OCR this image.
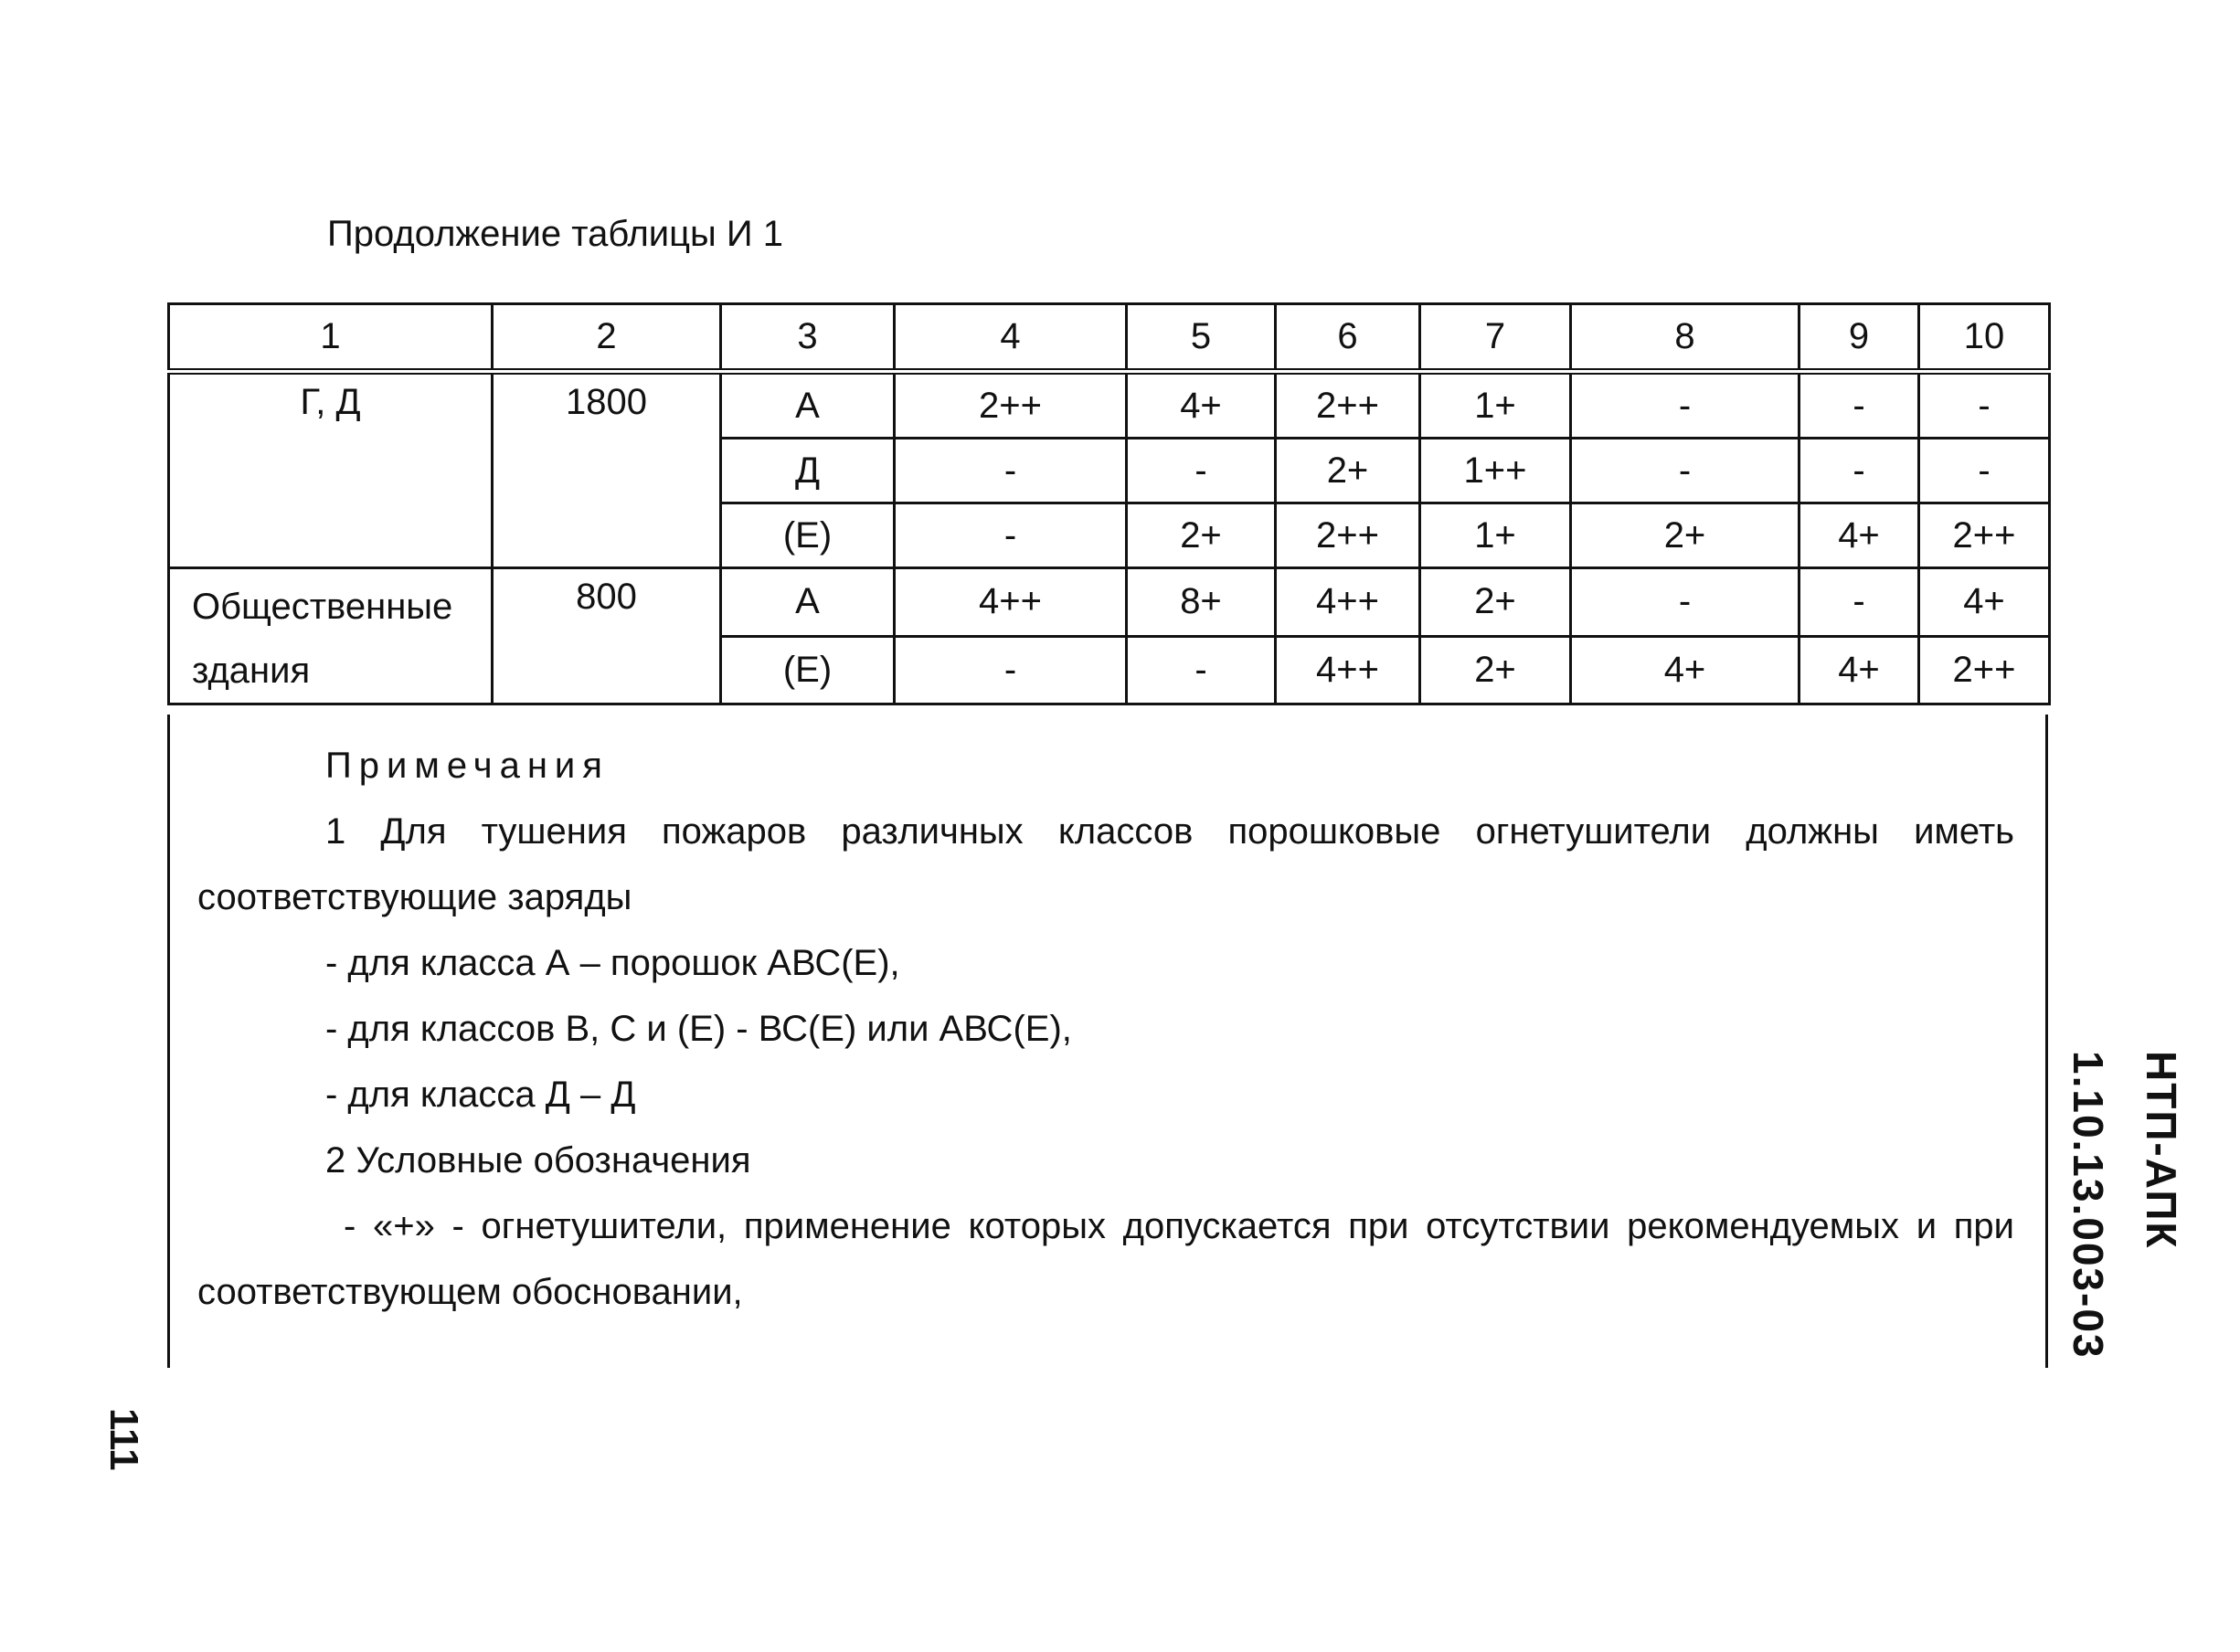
Продолжение таблицы И 1
1	2	3	4	5	6	7	8	9	10
Г, Д	1800	А	2++	4+	2++	1+	-	-	-
		Д	-	-	2+	1++	-	-	-
		(Е)	-	2+	2++	1+	2+	4+	2++
Общественные здания	800	А	4++	8+	4++	2+	-	-	4+
		(Е)	-	-	4++	2+	4+	4+	2++

Примечания

1 Для тушения пожаров различных классов порошковые огнетушители должны иметь соответствующие заряды

- для класса А – порошок АВС(Е),

- для классов В, С и (Е) - ВС(Е) или АВС(Е),

- для класса Д – Д

2 Условные обозначения

- «+» - огнетушители, применение которых допускается при отсутствии рекомендуемых и при соответствующем обосновании,

НТП-АПК 1.10.13.003-03
111
